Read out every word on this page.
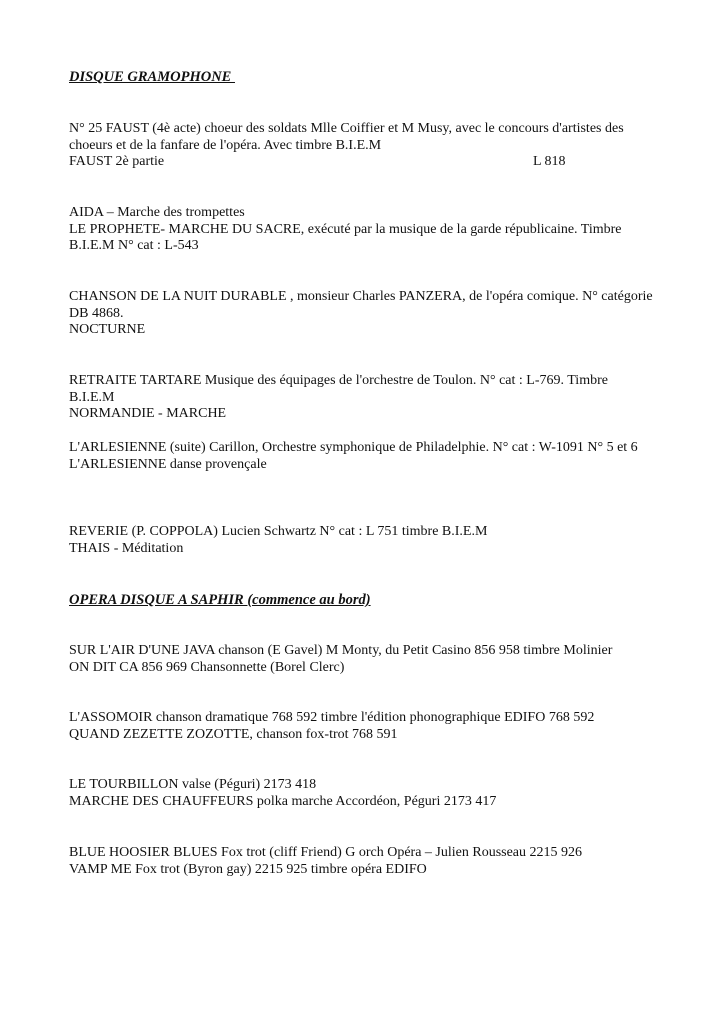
DISQUE GRAMOPHONE
N° 25 FAUST (4è acte) choeur des soldats Mlle Coiffier et M Musy, avec le concours d'artistes des choeurs et de la fanfare de l'opéra. Avec timbre B.I.E.M
FAUST 2è partie	L 818
AIDA – Marche des trompettes
LE PROPHETE- MARCHE DU SACRE, exécuté par la musique de la garde républicaine. Timbre B.I.E.M N° cat : L-543
CHANSON DE LA NUIT DURABLE , monsieur Charles PANZERA, de l'opéra comique. N° catégorie DB 4868.
NOCTURNE
RETRAITE TARTARE Musique des équipages de l'orchestre de Toulon. N° cat : L-769. Timbre B.I.E.M
NORMANDIE - MARCHE
L'ARLESIENNE (suite) Carillon, Orchestre symphonique de Philadelphie. N° cat : W-1091 N° 5 et 6
L'ARLESIENNE danse provençale
REVERIE (P. COPPOLA) Lucien Schwartz N° cat : L 751 timbre B.I.E.M
THAIS - Méditation
OPERA DISQUE A SAPHIR (commence au bord)
SUR L'AIR D'UNE JAVA chanson (E Gavel) M Monty, du Petit Casino 856 958 timbre Molinier
ON DIT CA 856 969 Chansonnette (Borel Clerc)
L'ASSOMOIR chanson dramatique 768 592 timbre l'édition phonographique EDIFO 768 592
QUAND ZEZETTE ZOZOTTE, chanson fox-trot 768 591
LE TOURBILLON valse (Péguri) 2173 418
MARCHE DES CHAUFFEURS polka marche Accordéon, Péguri 2173 417
BLUE HOOSIER BLUES Fox trot (cliff Friend) G orch Opéra – Julien Rousseau 2215 926
VAMP ME Fox trot (Byron gay) 2215 925 timbre opéra EDIFO
